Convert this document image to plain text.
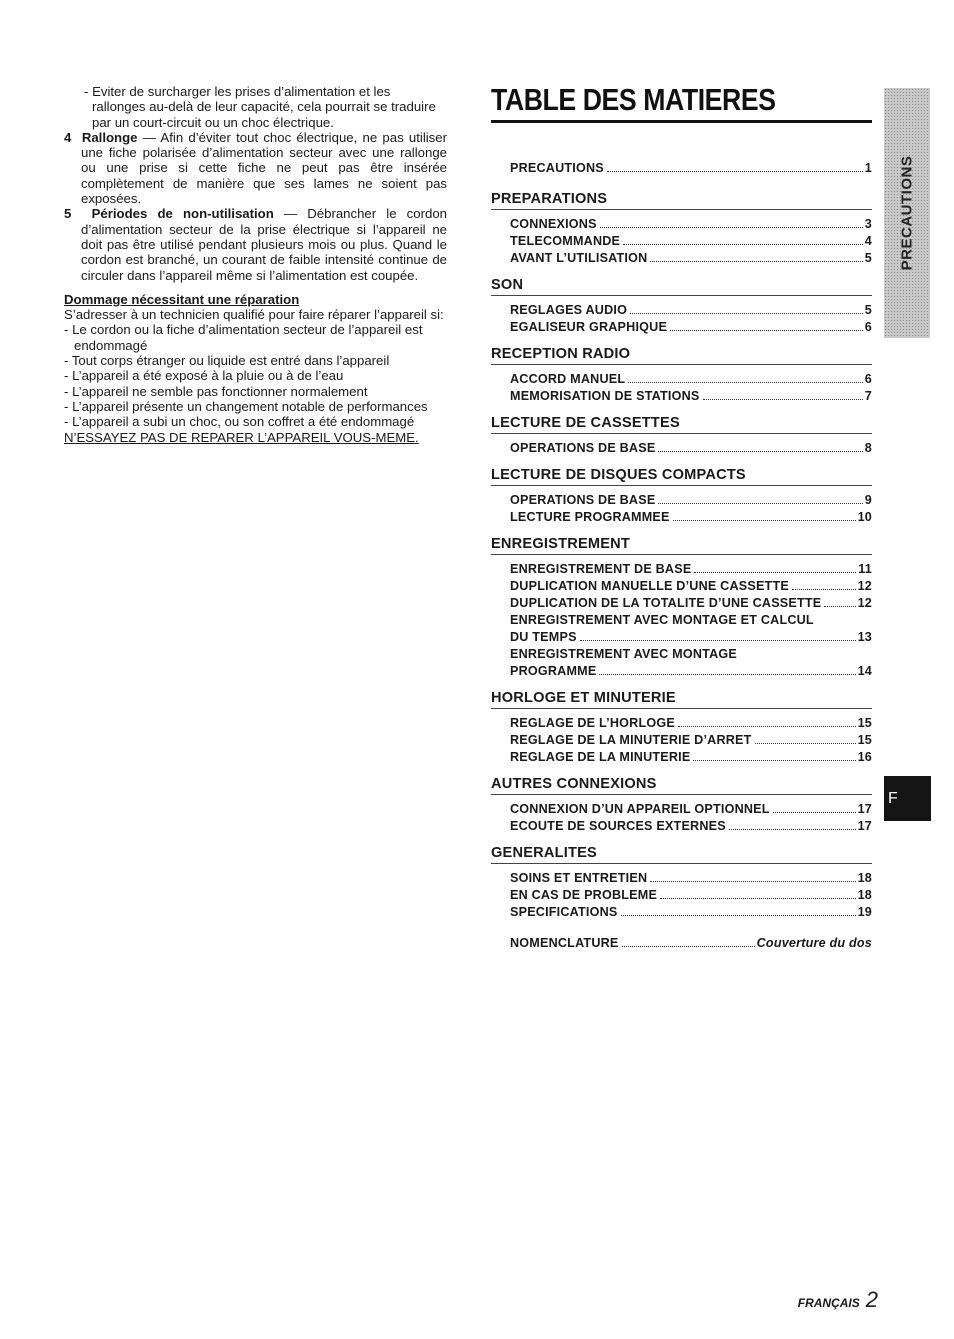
- Eviter de surcharger les prises d’alimentation et les rallonges au-delà de leur capacité, cela pourrait se traduire par un court-circuit ou un choc électrique.
4 Rallonge — Afin d’éviter tout choc électrique, ne pas utiliser une fiche polarisée d’alimentation secteur avec une rallonge ou une prise si cette fiche ne peut pas être insérée complètement de manière que ses lames ne soient pas exposées.
5 Périodes de non-utilisation — Débrancher le cordon d’alimentation secteur de la prise électrique si l’appareil ne doit pas être utilisé pendant plusieurs mois ou plus. Quand le cordon est branché, un courant de faible intensité continue de circuler dans l’appareil même si l’alimentation est coupée.
Dommage nécessitant une réparation
S’adresser à un technicien qualifié pour faire réparer l’appareil si:
- Le cordon ou la fiche d’alimentation secteur de l’appareil est endommagé
- Tout corps étranger ou liquide est entré dans l’appareil
- L’appareil a été exposé à la pluie ou à de l’eau
- L’appareil ne semble pas fonctionner normalement
- L’appareil présente un changement notable de performances
- L’appareil a subi un choc, ou son coffret a été endommagé
N’ESSAYEZ PAS DE REPARER L’APPAREIL VOUS-MEME.
TABLE DES MATIERES
PRECAUTIONS	1
PREPARATIONS
CONNEXIONS	3
TELECOMMANDE	4
AVANT L’UTILISATION	5
SON
REGLAGES AUDIO	5
EGALISEUR GRAPHIQUE	6
RECEPTION RADIO
ACCORD MANUEL	6
MEMORISATION DE STATIONS	7
LECTURE DE CASSETTES
OPERATIONS DE BASE	8
LECTURE DE DISQUES COMPACTS
OPERATIONS DE BASE	9
LECTURE PROGRAMMEE	10
ENREGISTREMENT
ENREGISTREMENT DE BASE	11
DUPLICATION MANUELLE D’UNE CASSETTE	12
DUPLICATION DE LA TOTALITE D’UNE CASSETTE	12
ENREGISTREMENT AVEC MONTAGE ET CALCUL
DU TEMPS	13
ENREGISTREMENT AVEC MONTAGE
PROGRAMME	14
HORLOGE ET MINUTERIE
REGLAGE DE L’HORLOGE	15
REGLAGE DE LA MINUTERIE D’ARRET	15
REGLAGE DE LA MINUTERIE	16
AUTRES CONNEXIONS
CONNEXION D’UN APPAREIL OPTIONNEL	17
ECOUTE DE SOURCES EXTERNES	17
GENERALITES
SOINS ET ENTRETIEN	18
EN CAS DE PROBLEME	18
SPECIFICATIONS	19
NOMENCLATURE	Couverture du dos
PRECAUTIONS
F
FRANÇAIS 2
